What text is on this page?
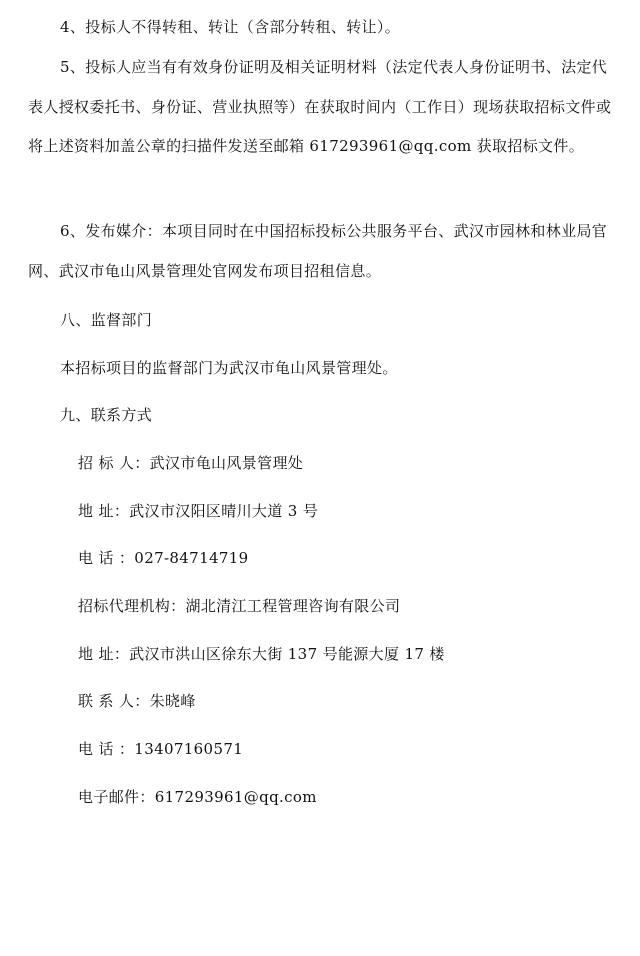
4、投标人不得转租、转让（含部分转租、转让）。

5、投标人应当有有效身份证明及相关证明材料（法定代表人身份证明书、法定代表人授权委托书、身份证、营业执照等）在获取时间内（工作日）现场获取招标文件或将上述资料加盖公章的扫描件发送至邮箱 617293961@qq.com 获取招标文件。

6、发布媒介：本项目同时在中国招标投标公共服务平台、武汉市园林和林业局官网、武汉市龟山风景管理处官网发布项目招租信息。

八、监督部门

本招标项目的监督部门为武汉市龟山风景管理处。

九、联系方式

招 标 人：武汉市龟山风景管理处

地 址：武汉市汉阳区晴川大道 3 号

电 话 ：027-84714719

招标代理机构：湖北清江工程管理咨询有限公司

地 址：武汉市洪山区徐东大街 137 号能源大厦 17 楼

联 系 人：朱晓峰

电 话 ：13407160571

电子邮件：617293961@qq.com
